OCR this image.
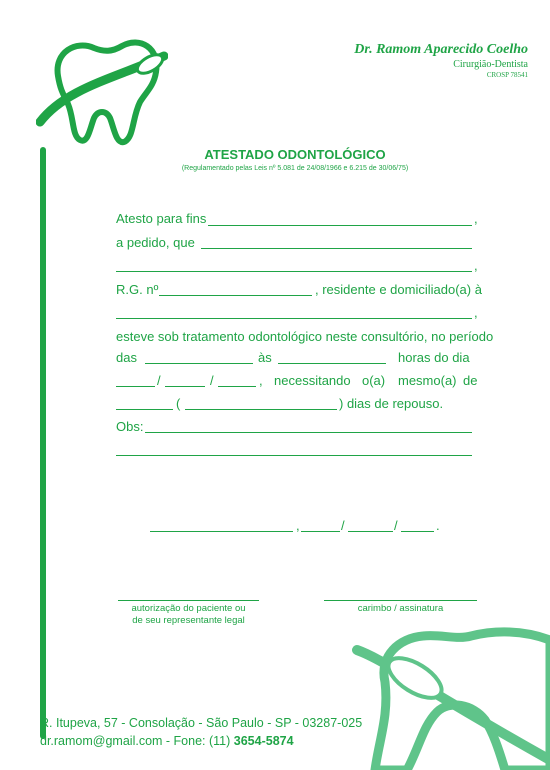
Dr. Ramom Aparecido Coelho
Cirurgião-Dentista
CROSP 78541
ATESTADO ODONTOLÓGICO
(Regulamentado pelas Leis nº 5.081 de 24/08/1966 e 6.215 de 30/06/75)
Atesto para fins	,
a pedido, que
,
R.G. nº	, residente e domiciliado(a) à
,
esteve sob tratamento odontológico neste consultório, no período
das	às	horas do dia
/	/	, necessitando o(a) mesmo(a) de
(	) dias de repouso.
Obs:
,	/	/	.
autorização do paciente ou
de seu representante legal
carimbo / assinatura
R. Itupeva, 57 - Consolação - São Paulo - SP - 03287-025
dr.ramom@gmail.com - Fone: (11) 3654-5874
